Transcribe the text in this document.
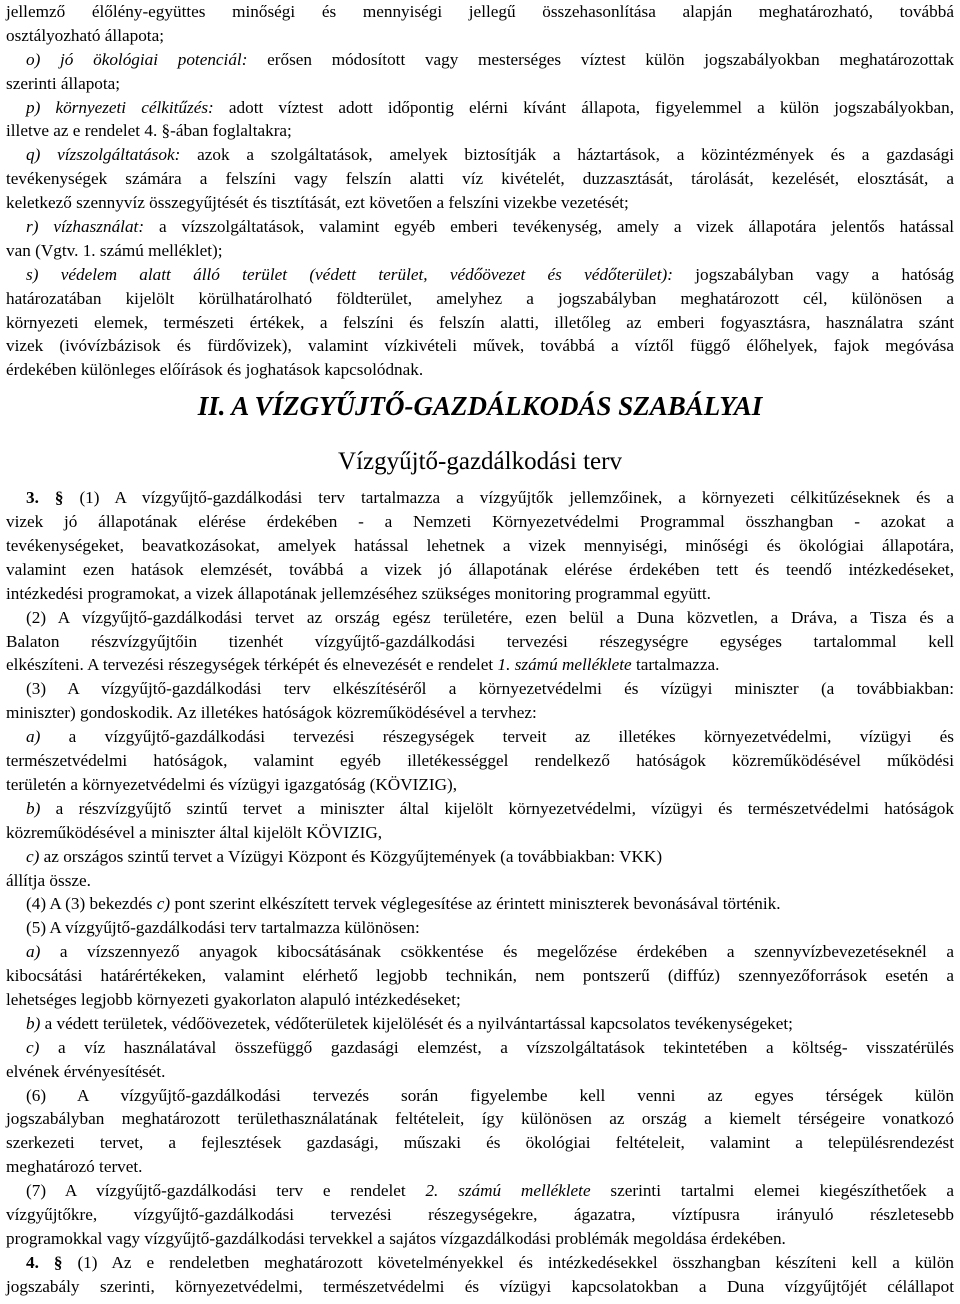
jellemző élőlény-együttes minőségi és mennyiségi jellegű összehasonlítása alapján meghatározható, továbbá
osztályozható állapota;
o) jó ökológiai potenciál: erősen módosított vagy mesterséges víztest külön jogszabályokban meghatározottak
szerinti állapota;
p) környezeti célkitűzés: adott víztest adott időpontig elérni kívánt állapota, figyelemmel a külön jogszabályokban,
illetve az e rendelet 4. §-ában foglaltakra;
q) vízszolgáltatások: azok a szolgáltatások, amelyek biztosítják a háztartások, a közintézmények és a gazdasági
tevékenységek számára a felszíni vagy felszín alatti víz kivételét, duzzasztását, tárolását, kezelését, elosztását, a
keletkező szennyvíz összegyűjtését és tisztítását, ezt követően a felszíni vizekbe vezetését;
r) vízhasználat: a vízszolgáltatások, valamint egyéb emberi tevékenység, amely a vizek állapotára jelentős hatással
van (Vgtv. 1. számú melléklet);
s) védelem alatt álló terület (védett terület, védőövezet és védőterület): jogszabályban vagy a hatóság
határozatában kijelölt körülhatárolható földterület, amelyhez a jogszabályban meghatározott cél, különösen a
környezeti elemek, természeti értékek, a felszíni és felszín alatti, illetőleg az emberi fogyasztásra, használatra szánt
vizek (ivóvízbázisok és fürdővizek), valamint vízkivételi művek, továbbá a víztől függő élőhelyek, fajok megóvása
érdekében különleges előírások és joghatások kapcsolódnak.
II. A VÍZGYŰJTŐ-GAZDÁLKODÁS SZABÁLYAI
Vízgyűjtő-gazdálkodási terv
3. § (1) A vízgyűjtő-gazdálkodási terv tartalmazza a vízgyűjtők jellemzőinek, a környezeti célkitűzéseknek és a
vizek jó állapotának elérése érdekében - a Nemzeti Környezetvédelmi Programmal összhangban - azokat a
tevékenységeket, beavatkozásokat, amelyek hatással lehetnek a vizek mennyiségi, minőségi és ökológiai állapotára,
valamint ezen hatások elemzését, továbbá a vizek jó állapotának elérése érdekében tett és teendő intézkedéseket,
intézkedési programokat, a vizek állapotának jellemzéséhez szükséges monitoring programmal együtt.
(2) A vízgyűjtő-gazdálkodási tervet az ország egész területére, ezen belül a Duna közvetlen, a Dráva, a Tisza és a
Balaton részvízgyűjtőin tizenhét vízgyűjtő-gazdálkodási tervezési részegységre egységes tartalommal kell
elkészíteni. A tervezési részegységek térképét és elnevezését e rendelet 1. számú melléklete tartalmazza.
(3) A vízgyűjtő-gazdálkodási terv elkészítéséről a környezetvédelmi és vízügyi miniszter (a továbbiakban:
miniszter) gondoskodik. Az illetékes hatóságok közreműködésével a tervhez:
a) a vízgyűjtő-gazdálkodási tervezési részegységek terveit az illetékes környezetvédelmi, vízügyi és
természetvédelmi hatóságok, valamint egyéb illetékességgel rendelkező hatóságok közreműködésével működési
területén a környezetvédelmi és vízügyi igazgatóság (KÖVIZIG),
b) a részvízgyűjtő szintű tervet a miniszter által kijelölt környezetvédelmi, vízügyi és természetvédelmi hatóságok
közreműködésével a miniszter által kijelölt KÖVIZIG,
c) az országos szintű tervet a Vízügyi Központ és Közgyűjtemények (a továbbiakban: VKK)
állítja össze.
(4) A (3) bekezdés c) pont szerint elkészített tervek véglegesítése az érintett miniszterek bevonásával történik.
(5) A vízgyűjtő-gazdálkodási terv tartalmazza különösen:
a) a vízszennyező anyagok kibocsátásának csökkentése és megelőzése érdekében a szennyvízbevezetéseknél a
kibocsátási határértékeken, valamint elérhető legjobb technikán, nem pontszerű (diffúz) szennyezőforrások esetén a
lehetséges legjobb környezeti gyakorlaton alapuló intézkedéseket;
b) a védett területek, védőövezetek, védőterületek kijelölését és a nyilvántartással kapcsolatos tevékenységeket;
c) a víz használatával összefüggő gazdasági elemzést, a vízszolgáltatások tekintetében a költség- visszatérülés
elvének érvényesítését.
(6) A vízgyűjtő-gazdálkodási tervezés során figyelembe kell venni az egyes térségek külön
jogszabályban meghatározott területhasználatának feltételeit, így különösen az ország a kiemelt térségeire vonatkozó
szerkezeti tervet, a fejlesztések gazdasági, műszaki és ökológiai feltételeit, valamint a településrendezést
meghatározó tervet.
(7) A vízgyűjtő-gazdálkodási terv e rendelet 2. számú melléklete szerinti tartalmi elemei kiegészíthetőek a
vízgyűjtőkre, vízgyűjtő-gazdálkodási tervezési részegységekre, ágazatra, víztípusra irányuló részletesebb
programokkal vagy vízgyűjtő-gazdálkodási tervekkel a sajátos vízgazdálkodási problémák megoldása érdekében.
4. § (1) Az e rendeletben meghatározott követelményekkel és intézkedésekkel összhangban készíteni kell a külön
jogszabály szerinti, környezetvédelmi, természetvédelmi és vízügyi kapcsolatokban a Duna vízgyűjtőjét célállapot
